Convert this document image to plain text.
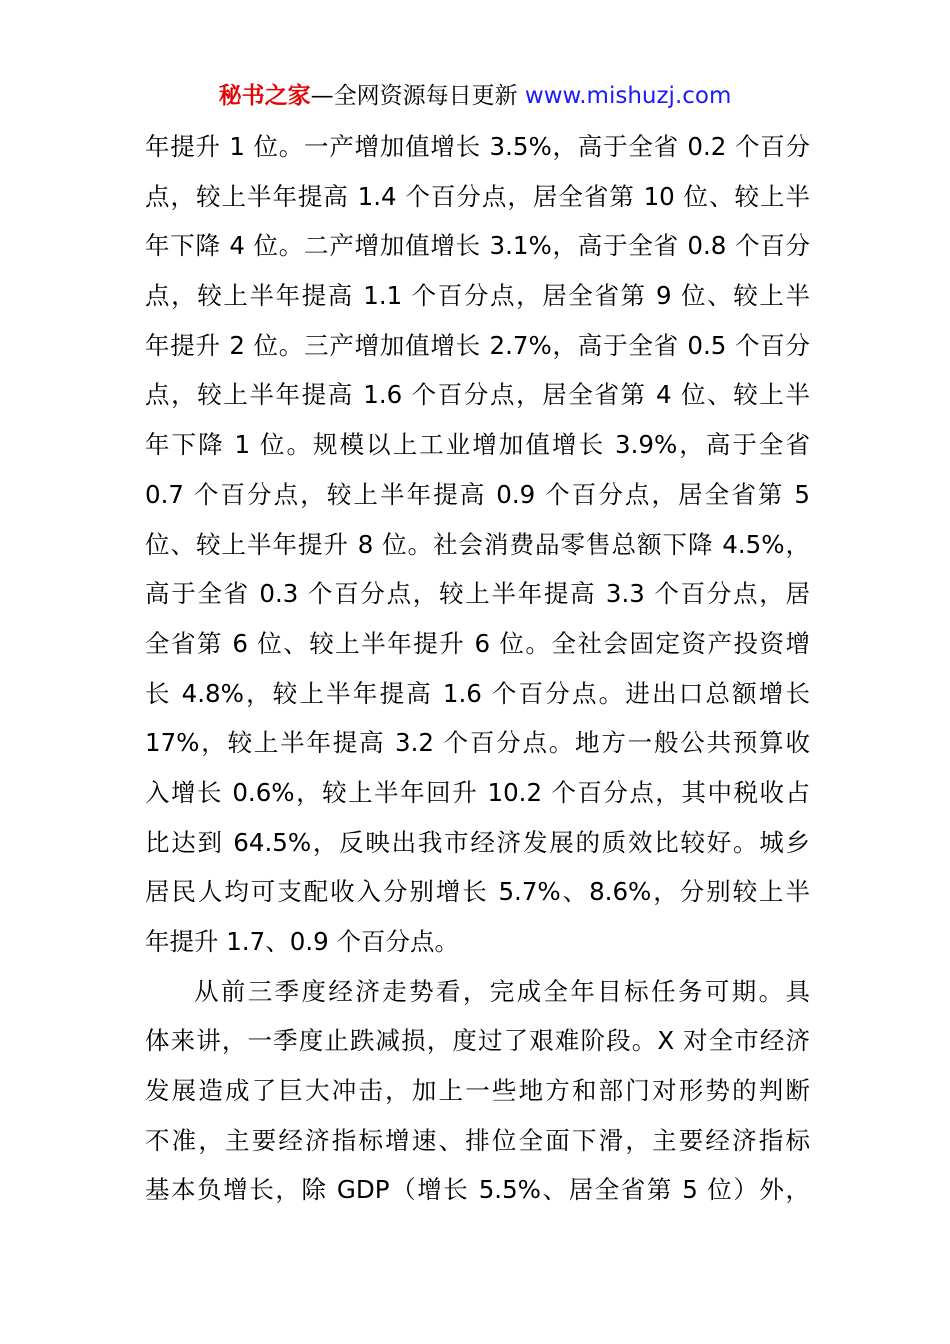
秘书之家—全网资源每日更新 www.mishuzj.com
年提升 1 位。一产增加值增长 3.5%，高于全省 0.2 个百分
点，较上半年提高 1.4 个百分点，居全省第 10 位、较上半
年下降 4 位。二产增加值增长 3.1%，高于全省 0.8 个百分
点，较上半年提高 1.1 个百分点，居全省第 9 位、较上半
年提升 2 位。三产增加值增长 2.7%，高于全省 0.5 个百分
点，较上半年提高 1.6 个百分点，居全省第 4 位、较上半
年下降 1 位。规模以上工业增加值增长 3.9%，高于全省
0.7 个百分点，较上半年提高 0.9 个百分点，居全省第 5
位、较上半年提升 8 位。社会消费品零售总额下降 4.5%，
高于全省 0.3 个百分点，较上半年提高 3.3 个百分点，居
全省第 6 位、较上半年提升 6 位。全社会固定资产投资增
长 4.8%，较上半年提高 1.6 个百分点。进出口总额增长
17%，较上半年提高 3.2 个百分点。地方一般公共预算收
入增长 0.6%，较上半年回升 10.2 个百分点，其中税收占
比达到 64.5%，反映出我市经济发展的质效比较好。城乡
居民人均可支配收入分别增长 5.7%、8.6%，分别较上半
年提升 1.7、0.9 个百分点。
从前三季度经济走势看，完成全年目标任务可期。具
体来讲，一季度止跌减损，度过了艰难阶段。X 对全市经济
发展造成了巨大冲击，加上一些地方和部门对形势的判断
不准，主要经济指标增速、排位全面下滑，主要经济指标
基本负增长，除 GDP（增长 5.5%、居全省第 5 位）外，
